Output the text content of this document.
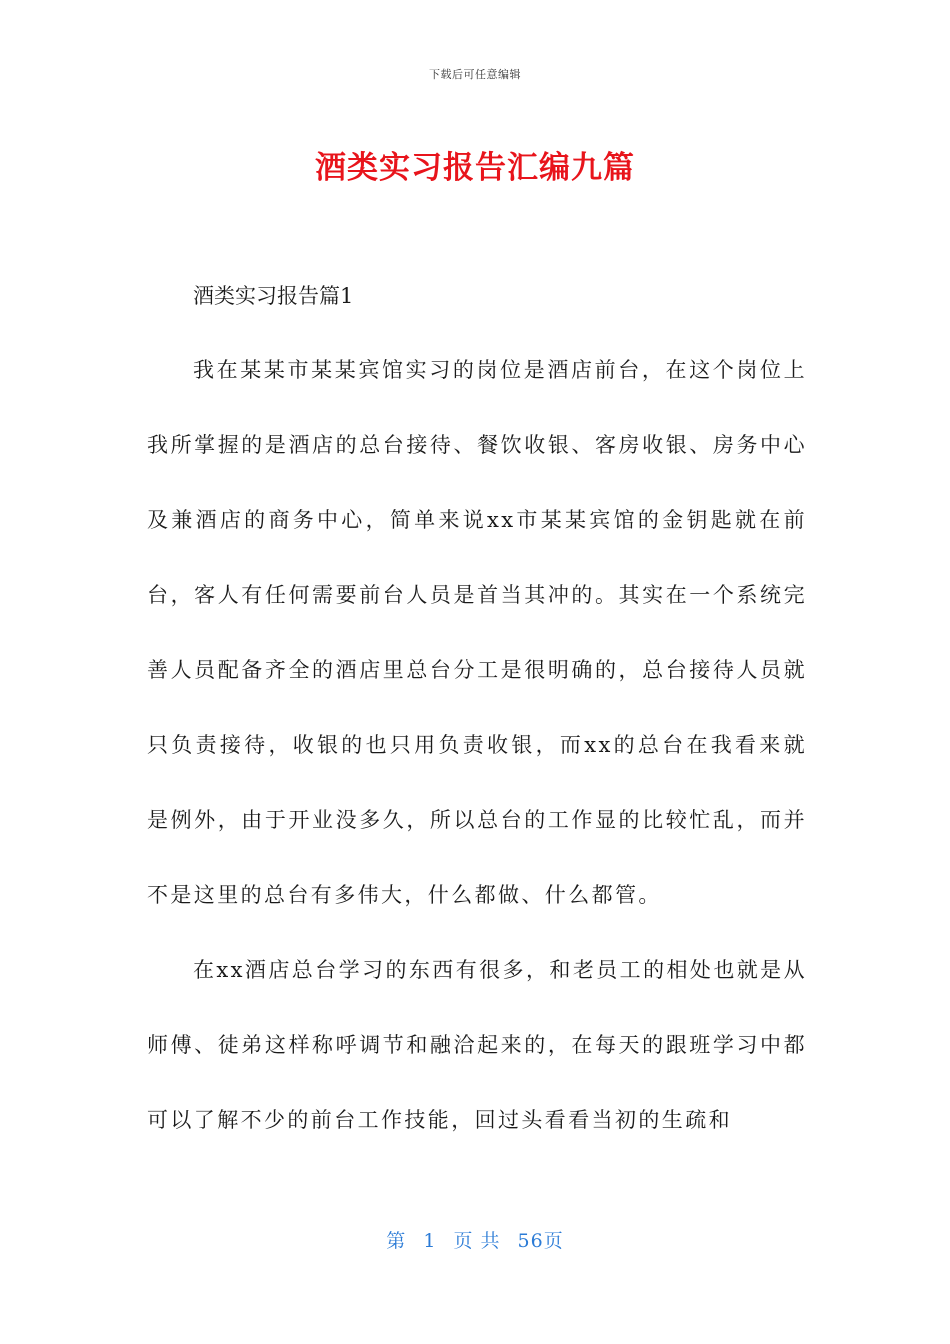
下载后可任意编辑
酒类实习报告汇编九篇

酒类实习报告篇1

我在某某市某某宾馆实习的岗位是酒店前台，在这个岗位上我所掌握的是酒店的总台接待、餐饮收银、客房收银、房务中心及兼酒店的商务中心，简单来说xx市某某宾馆的金钥匙就在前台，客人有任何需要前台人员是首当其冲的。其实在一个系统完善人员配备齐全的酒店里总台分工是很明确的，总台接待人员就只负责接待，收银的也只用负责收银，而xx的总台在我看来就是例外，由于开业没多久，所以总台的工作显的比较忙乱，而并不是这里的总台有多伟大，什么都做、什么都管。

在xx酒店总台学习的东西有很多，和老员工的相处也就是从师傅、徒弟这样称呼调节和融洽起来的，在每天的跟班学习中都可以了解不少的前台工作技能，回过头看看当初的生疏和

第 1 页 共 56页
